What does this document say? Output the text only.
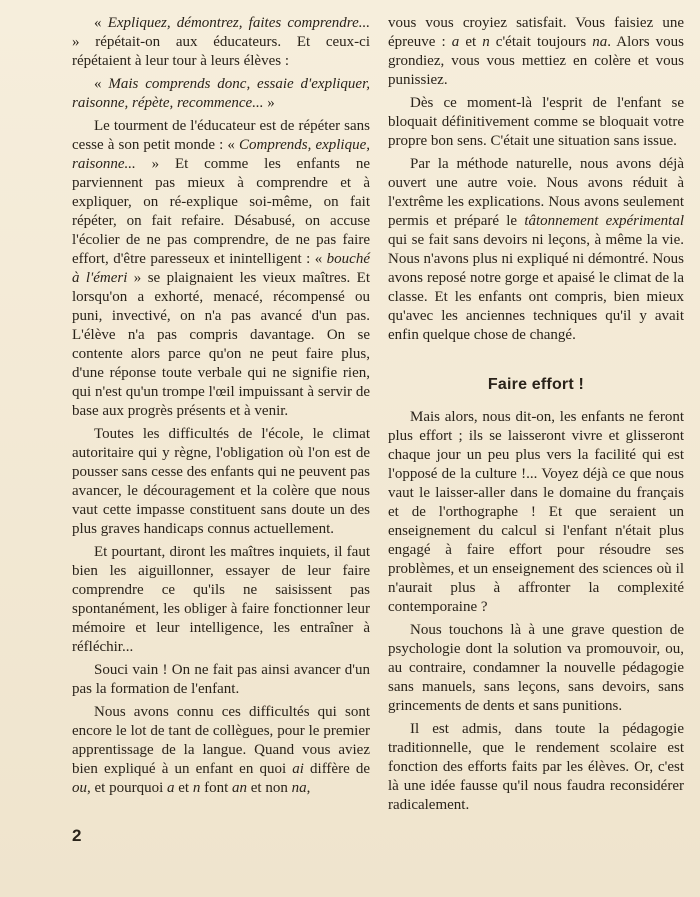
« Expliquez, démontrez, faites comprendre... » répétait-on aux éducateurs. Et ceux-ci répétaient à leur tour à leurs élèves :

« Mais comprends donc, essaie d'expliquer, raisonne, répète, recommence... »

Le tourment de l'éducateur est de répéter sans cesse à son petit monde : « Comprends, explique, raisonne... » Et comme les enfants ne parviennent pas mieux à comprendre et à expliquer, on ré-explique soi-même, on fait répéter, on fait refaire. Désabusé, on accuse l'écolier de ne pas comprendre, de ne pas faire effort, d'être paresseux et inintelligent : « bouché à l'émeri » se plaignaient les vieux maîtres. Et lorsqu'on a exhorté, menacé, récompensé ou puni, invectivé, on n'a pas avancé d'un pas. L'élève n'a pas compris davantage. On se contente alors parce qu'on ne peut faire plus, d'une réponse toute verbale qui ne signifie rien, qui n'est qu'un trompe l'œil impuissant à servir de base aux progrès présents et à venir.

Toutes les difficultés de l'école, le climat autoritaire qui y règne, l'obligation où l'on est de pousser sans cesse des enfants qui ne peuvent pas avancer, le découragement et la colère que nous vaut cette impasse constituent sans doute un des plus graves handicaps connus actuellement.

Et pourtant, diront les maîtres inquiets, il faut bien les aiguillonner, essayer de leur faire comprendre ce qu'ils ne saisissent pas spontanément, les obliger à faire fonctionner leur mémoire et leur intelligence, les entraîner à réfléchir...

Souci vain ! On ne fait pas ainsi avancer d'un pas la formation de l'enfant.

Nous avons connu ces difficultés qui sont encore le lot de tant de collègues, pour le premier apprentissage de la langue. Quand vous aviez bien expliqué à un enfant en quoi ai diffère de ou, et pourquoi a et n font an et non na,

vous vous croyiez satisfait. Vous faisiez une épreuve : a et n c'était toujours na. Alors vous grondiez, vous vous mettiez en colère et vous punissiez.

Dès ce moment-là l'esprit de l'enfant se bloquait définitivement comme se bloquait votre propre bon sens. C'était une situation sans issue.

Par la méthode naturelle, nous avons déjà ouvert une autre voie. Nous avons réduit à l'extrême les explications. Nous avons seulement permis et préparé le tâtonnement expérimental qui se fait sans devoirs ni leçons, à même la vie. Nous n'avons plus ni expliqué ni démontré. Nous avons reposé notre gorge et apaisé le climat de la classe. Et les enfants ont compris, bien mieux qu'avec les anciennes techniques qu'il y avait enfin quelque chose de changé.

Faire effort !

Mais alors, nous dit-on, les enfants ne feront plus effort ; ils se laisseront vivre et glisseront chaque jour un peu plus vers la facilité qui est l'opposé de la culture !... Voyez déjà ce que nous vaut le laisser-aller dans le domaine du français et de l'orthographe ! Et que seraient un enseignement du calcul si l'enfant n'était plus engagé à faire effort pour résoudre ses problèmes, et un enseignement des sciences où il n'aurait plus à affronter la complexité contemporaine ?

Nous touchons là à une grave question de psychologie dont la solution va promouvoir, ou, au contraire, condamner la nouvelle pédagogie sans manuels, sans leçons, sans devoirs, sans grincements de dents et sans punitions.

Il est admis, dans toute la pédagogie traditionnelle, que le rendement scolaire est fonction des efforts faits par les élèves. Or, c'est là une idée fausse qu'il nous faudra reconsidérer radicalement.

2
